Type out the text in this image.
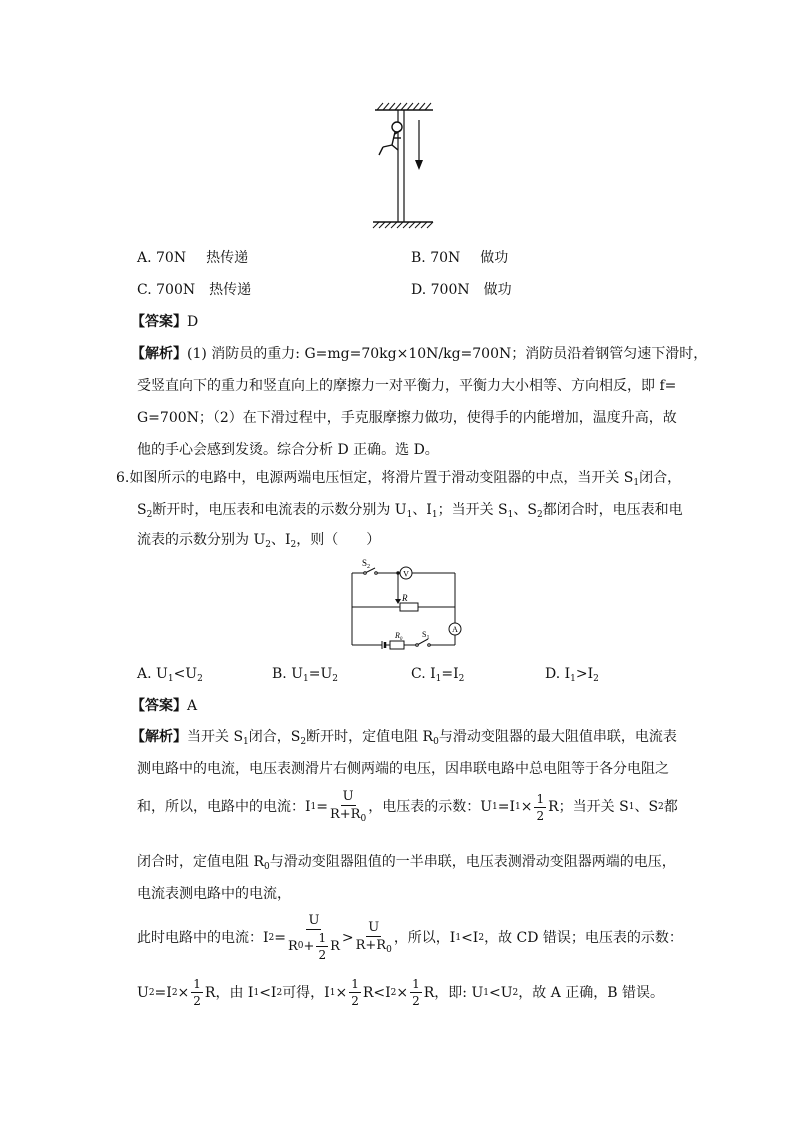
A. 70N 热传递	B. 70N 做功
C. 700N 热传递	D. 700N 做功
【答案】D
【解析】(1) 消防员的重力: G=mg=70kg×10N/kg=700N；消防员沿着钢管匀速下滑时，
受竖直向下的重力和竖直向上的摩擦力一对平衡力，平衡力大小相等、方向相反，即 f=
G=700N；（2）在下滑过程中，手克服摩擦力做功，使得手的内能增加，温度升高，故
他的手心会感到发烫。综合分析 D 正确。选 D。
6.如图所示的电路中，电源两端电压恒定，将滑片置于滑动变阻器的中点，当开关 $S_1$闭合，
$S_2$断开时，电压表和电流表的示数分别为 $U_1$、$I_1$；当开关 $S_1$、$S_2$都闭合时，电压表和电
流表的示数分别为 $U_2$、$I_2$，则（　　）
$S_2$
V
R
$R_0$
$S_1$
A
A. $U_1<U_2$	B. $U_1=U_2$	C. $I_1=I_2$	D. $I_1>I_2$
【答案】A
【解析】当开关 $S_1$闭合，$S_2$断开时，定值电阻 $R_0$与滑动变阻器的最大阻值串联，电流表
测电路中的电流，电压表测滑片右侧两端的电压，因串联电路中总电阻等于各分电阻之
和，所以，电路中的电流：I $1 = \frac{U}{R+R_0}$ ，电压表的示数：U 1 =I $1 \times \frac{1}{2}$ R；当开关 S 1 、S 2 都
闭合时，定值电阻 $R_0$与滑动变阻器阻值的一半串联，电压表测滑动变阻器两端的电压，
电流表测电路中的电流，
此时电路中的电流：I $2 = \frac{U}{R 0 + \frac{1}{2} R} > \frac{U}{R+R_0}$ ，所以，I 1 <I 2 ，故 CD 错误；电压表的示数：
U 2 =I $2 \times \frac{1}{2}$ R，由 I 1 <I 2 可得，I $1 \times \frac{1}{2} R<I$ $2 \times \frac{1}{2}$ R，即: U 1 <U 2 ，故 A 正确，B 错误。
